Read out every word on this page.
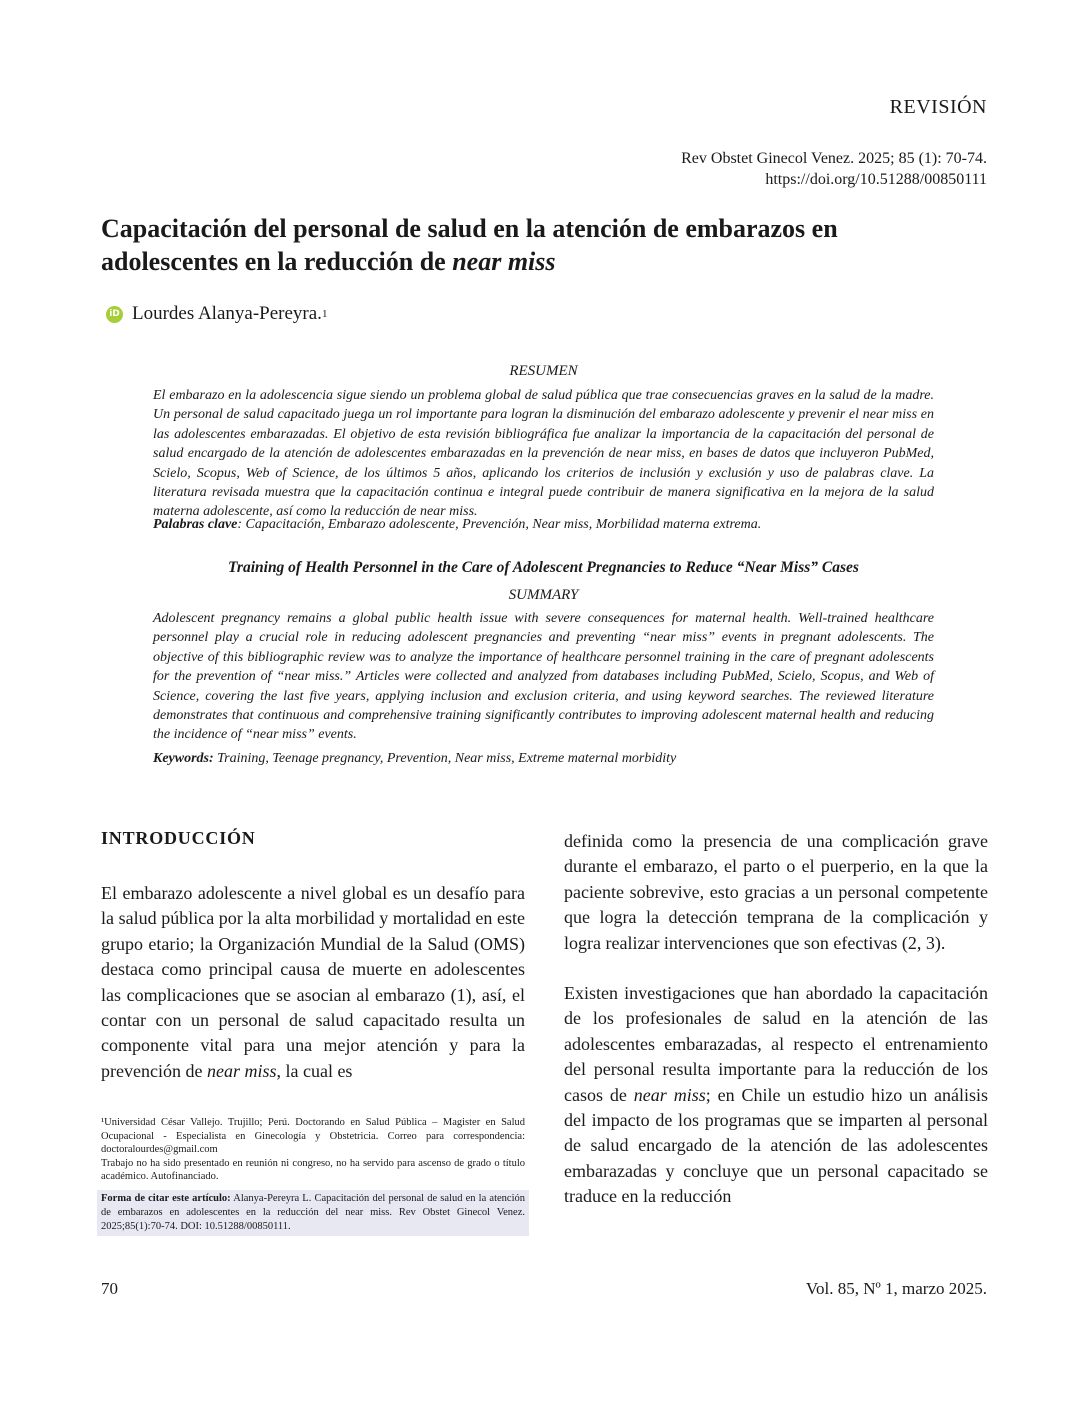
REVISIÓN
Rev Obstet Ginecol Venez. 2025; 85 (1): 70-74.
https://doi.org/10.51288/00850111
Capacitación del personal de salud en la atención de embarazos en adolescentes en la reducción de near miss
iD Lourdes Alanya-Pereyra. 1
RESUMEN

El embarazo en la adolescencia sigue siendo un problema global de salud pública que trae consecuencias graves en la salud de la madre. Un personal de salud capacitado juega un rol importante para logran la disminución del embarazo adolescente y prevenir el near miss en las adolescentes embarazadas. El objetivo de esta revisión bibliográfica fue analizar la importancia de la capacitación del personal de salud encargado de la atención de adolescentes embarazadas en la prevención de near miss, en bases de datos que incluyeron PubMed, Scielo, Scopus, Web of Science, de los últimos 5 años, aplicando los criterios de inclusión y exclusión y uso de palabras clave. La literatura revisada muestra que la capacitación continua e integral puede contribuir de manera significativa en la mejora de la salud materna adolescente, así como la reducción de near miss.

Palabras clave: Capacitación, Embarazo adolescente, Prevención, Near miss, Morbilidad materna extrema.
Training of Health Personnel in the Care of Adolescent Pregnancies to Reduce “Near Miss” Cases
SUMMARY

Adolescent pregnancy remains a global public health issue with severe consequences for maternal health. Well-trained healthcare personnel play a crucial role in reducing adolescent pregnancies and preventing “near miss” events in pregnant adolescents. The objective of this bibliographic review was to analyze the importance of healthcare personnel training in the care of pregnant adolescents for the prevention of “near miss.” Articles were collected and analyzed from databases including PubMed, Scielo, Scopus, and Web of Science, covering the last five years, applying inclusion and exclusion criteria, and using keyword searches. The reviewed literature demonstrates that continuous and comprehensive training significantly contributes to improving adolescent maternal health and reducing the incidence of “near miss” events.

Keywords: Training, Teenage pregnancy, Prevention, Near miss, Extreme maternal morbidity
INTRODUCCIÓN

El embarazo adolescente a nivel global es un desafío para la salud pública por la alta morbilidad y mortalidad en este grupo etario; la Organización Mundial de la Salud (OMS) destaca como principal causa de muerte en adolescentes las complicaciones que se asocian al embarazo (1), así, el contar con un personal de salud capacitado resulta un componente vital para una mejor atención y para la prevención de near miss, la cual es

definida como la presencia de una complicación grave durante el embarazo, el parto o el puerperio, en la que la paciente sobrevive, esto gracias a un personal competente que logra la detección temprana de la complicación y logra realizar intervenciones que son efectivas (2, 3).

Existen investigaciones que han abordado la capacitación de los profesionales de salud en la atención de las adolescentes embarazadas, al respecto el entrenamiento del personal resulta importante para la reducción de los casos de near miss; en Chile un estudio hizo un análisis del impacto de los programas que se imparten al personal de salud encargado de la atención de las adolescentes embarazadas y concluye que un personal capacitado se traduce en la reducción

¹Universidad César Vallejo. Trujillo; Perú. Doctorando en Salud Pública – Magister en Salud Ocupacional - Especialista en Ginecología y Obstetricia. Correo para correspondencia: doctoralourdes@gmail.com

Trabajo no ha sido presentado en reunión ni congreso, no ha servido para ascenso de grado o título académico. Autofinanciado.

Forma de citar este artículo: Alanya-Pereyra L. Capacitación del personal de salud en la atención de embarazos en adolescentes en la reducción del near miss. Rev Obstet Ginecol Venez. 2025;85(1):70-74. DOI: 10.51288/00850111.
70	Vol. 85, Nº 1, marzo 2025.
